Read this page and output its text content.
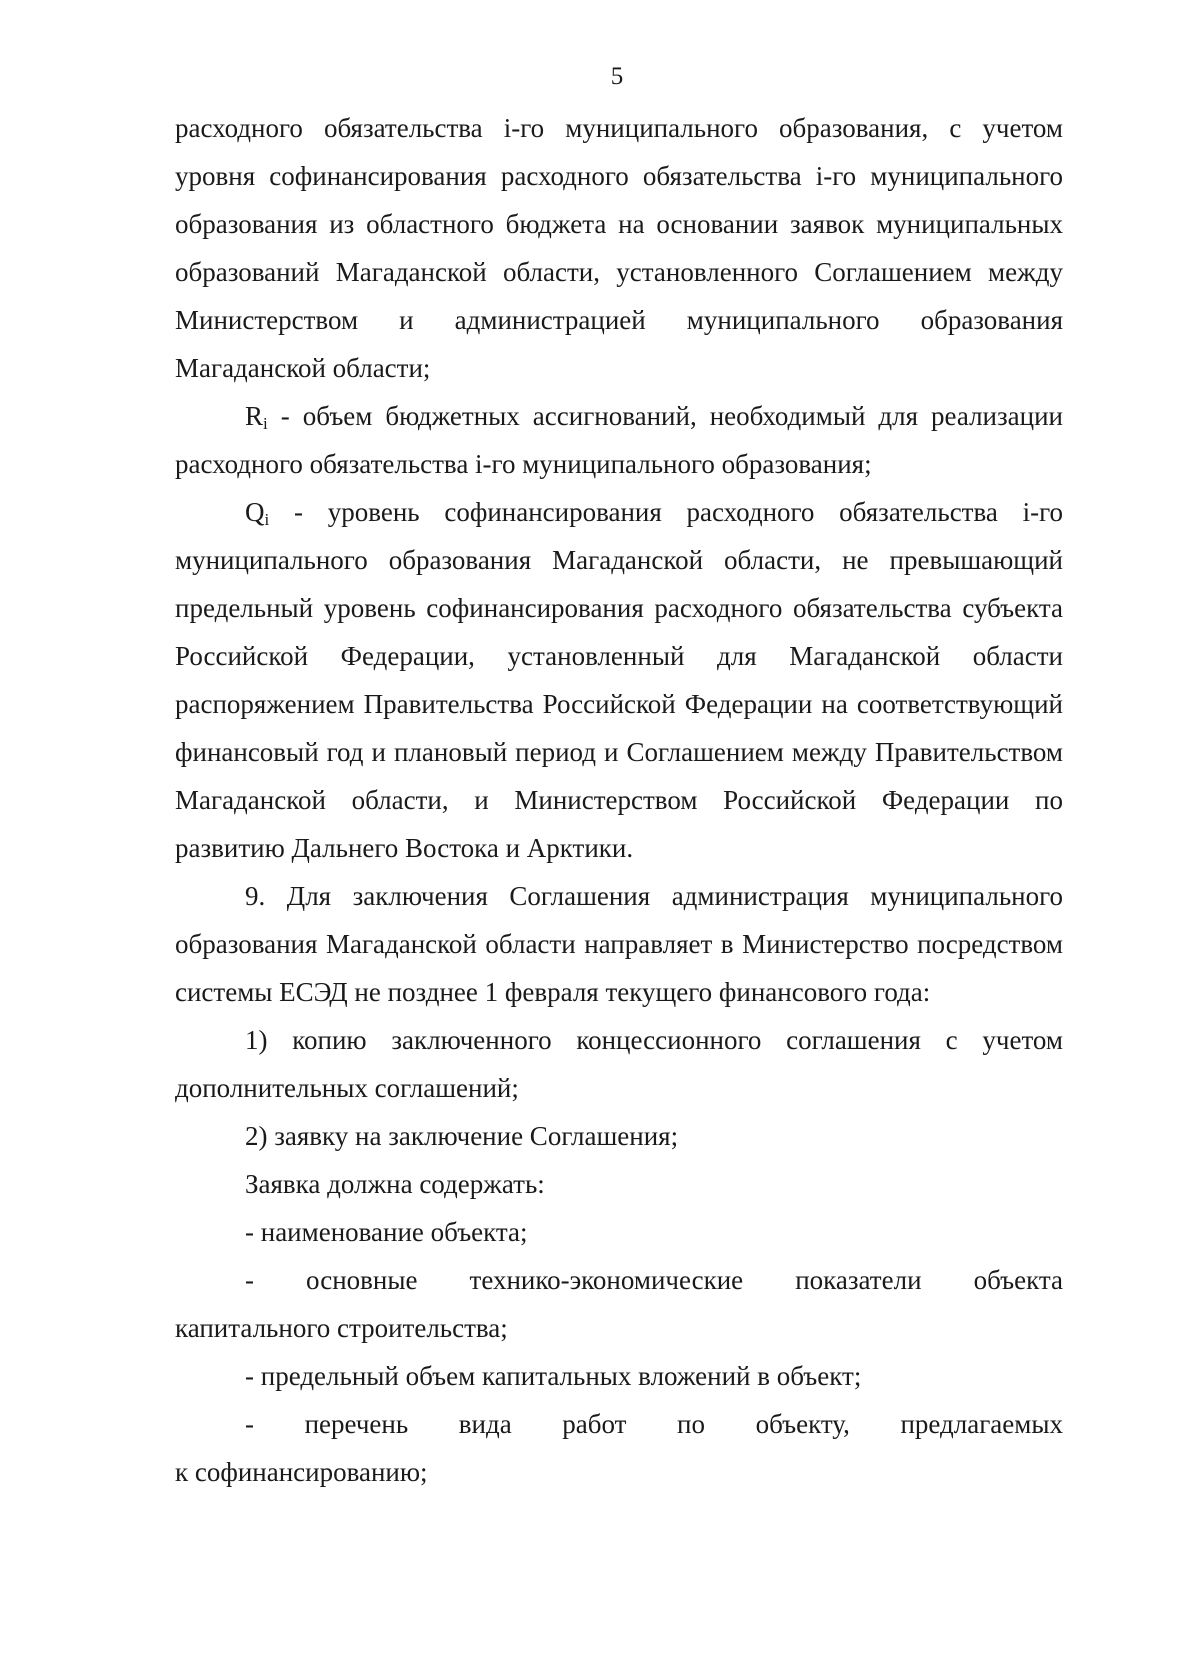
5

расходного обязательства i-го муниципального образования, с учетом уровня софинансирования расходного обязательства i-го муниципального образования из областного бюджета на основании заявок муниципальных образований Магаданской области, установленного Соглашением между Министерством и администрацией муниципального образования Магаданской области;

$R_i$ - объем бюджетных ассигнований, необходимый для реализации расходного обязательства i-го муниципального образования;

$Q_i$ - уровень софинансирования расходного обязательства i-го муниципального образования Магаданской области, не превышающий предельный уровень софинансирования расходного обязательства субъекта Российской Федерации, установленный для Магаданской области распоряжением Правительства Российской Федерации на соответствующий финансовый год и плановый период и Соглашением между Правительством Магаданской области, и Министерством Российской Федерации по развитию Дальнего Востока и Арктики.

9. Для заключения Соглашения администрация муниципального образования Магаданской области направляет в Министерство посредством системы ЕСЭД не позднее 1 февраля текущего финансового года:

1) копию заключенного концессионного соглашения с учетом дополнительных соглашений;

2) заявку на заключение Соглашения;

Заявка должна содержать:

- наименование объекта;

- основные технико-экономические показатели объекта

капитального строительства;

- предельный объем капитальных вложений в объект;

- перечень вида работ по объекту, предлагаемых

к софинансированию;
